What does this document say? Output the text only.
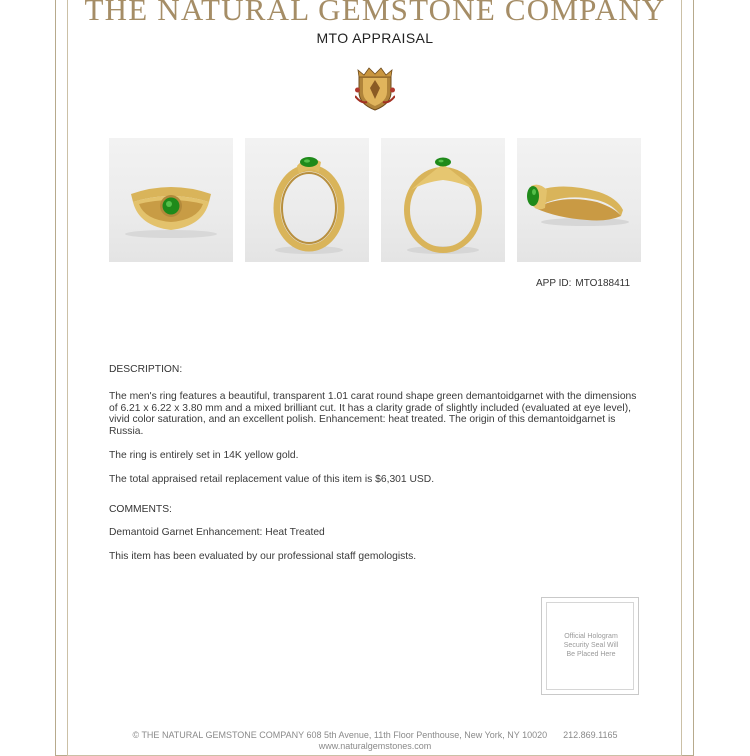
THE NATURAL GEMSTONE COMPANY
MTO APPRAISAL
APP ID: MTO188411
DESCRIPTION:

The men's ring features a beautiful, transparent 1.01 carat round shape green demantoidgarnet with the dimensions of 6.21 x 6.22 x 3.80 mm and a mixed brilliant cut. It has a clarity grade of slightly included (evaluated at eye level), vivid color saturation, and an excellent polish. Enhancement: heat treated. The origin of this demantoidgarnet is Russia.

The ring is entirely set in 14K yellow gold.

The total appraised retail replacement value of this item is $6,301 USD.

COMMENTS:

Demantoid Garnet Enhancement: Heat Treated

This item has been evaluated by our professional staff gemologists.

Official Hologram
Security Seal Will
Be Placed Here
© THE NATURAL GEMSTONE COMPANY 608 5th Avenue, 11th Floor Penthouse, New York, NY 10020 212.869.1165
www.naturalgemstones.com
